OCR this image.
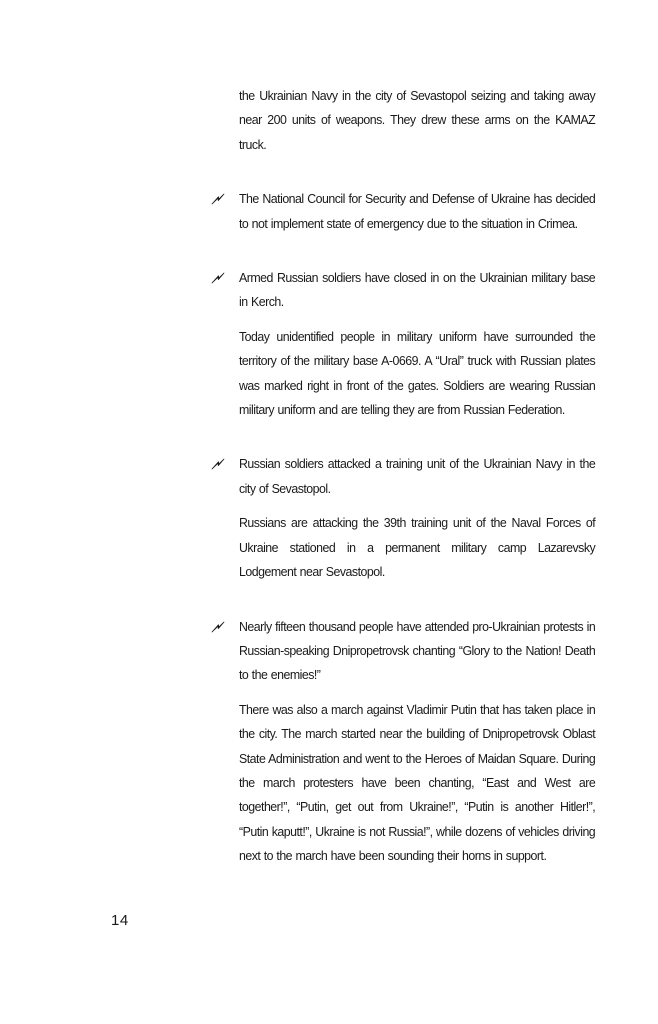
the Ukrainian Navy in the city of Sevastopol seizing and taking away near 200 units of weapons. They drew these arms on the KAMAZ truck.

The National Council for Security and Defense of Ukraine has decided to not implement state of emergency due to the situation in Crimea.

Armed Russian soldiers have closed in on the Ukrainian military base in Kerch.

Today unidentified people in military uniform have surrounded the territory of the military base A-0669. A “Ural” truck with Russian plates was marked right in front of the gates. Soldiers are wearing Russian military uniform and are telling they are from Russian Federation.

Russian soldiers attacked a training unit of the Ukrainian Navy in the city of Sevastopol.

Russians are attacking the 39th training unit of the Naval Forces of Ukraine stationed in a permanent military camp Lazarevsky Lodgement near Sevastopol.

Nearly fifteen thousand people have attended pro-Ukrainian protests in Russian-speaking Dnipropetrovsk chanting “Glory to the Nation! Death to the enemies!”

There was also a march against Vladimir Putin that has taken place in the city. The march started near the building of Dnipropetrovsk Oblast State Administration and went to the Heroes of Maidan Square. During the march protesters have been chanting, “East and West are together!”, “Putin, get out from Ukraine!”, “Putin is another Hitler!”, “Putin kaputt!”, Ukraine is not Russia!”, while dozens of vehicles driving next to the march have been sounding their horns in support.

14
